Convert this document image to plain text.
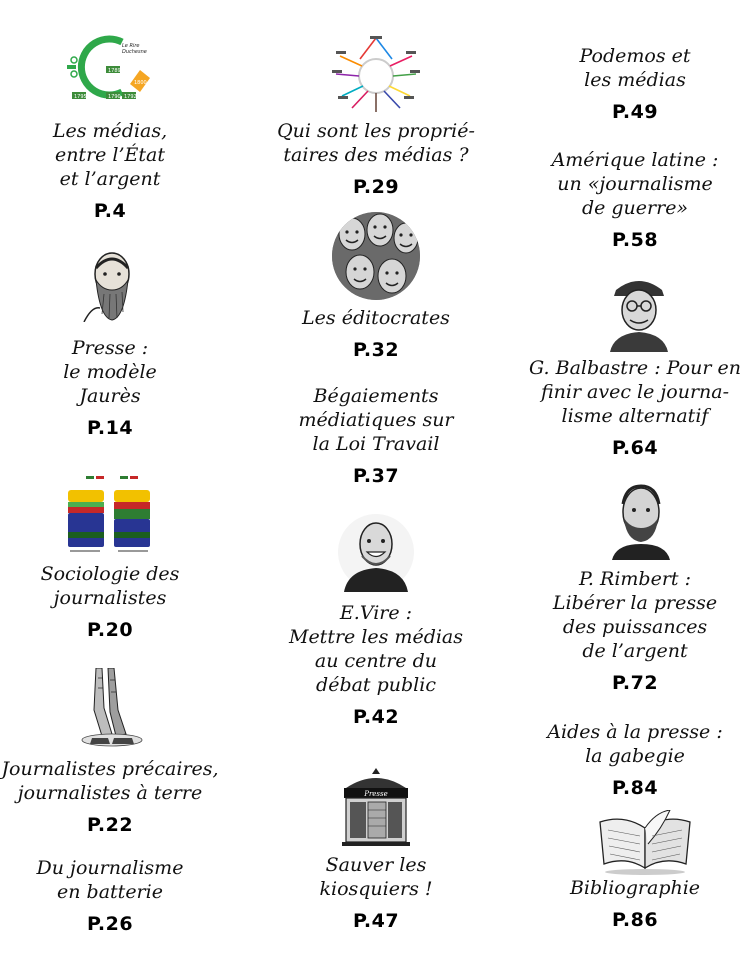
Le Rire
Duchesne
1789
1790 1792
1795
1800
Presse
Les médias,
entre l’État
et l’argent
P.4
Presse :
le modèle
Jaurès
P.14
Sociologie des
journalistes
P.20
Journalistes précaires,
journalistes à terre
P.22
Du journalisme
en batterie
P.26
Qui sont les proprié-
taires des médias ?
P.29
Les éditocrates
P.32
Bégaiements
médiatiques sur
la Loi Travail
P.37
E.Vire :
Mettre les médias
au centre du
débat public
P.42
Sauver les
kiosquiers !
P.47
Podemos et
les médias
P.49
Amérique latine :
un «journalisme
de guerre»
P.58
G. Balbastre : Pour en
finir avec le journa-
lisme alternatif
P.64
P. Rimbert :
Libérer la presse
des puissances
de l’argent
P.72
Aides à la presse :
la gabegie
P.84
Bibliographie
P.86
